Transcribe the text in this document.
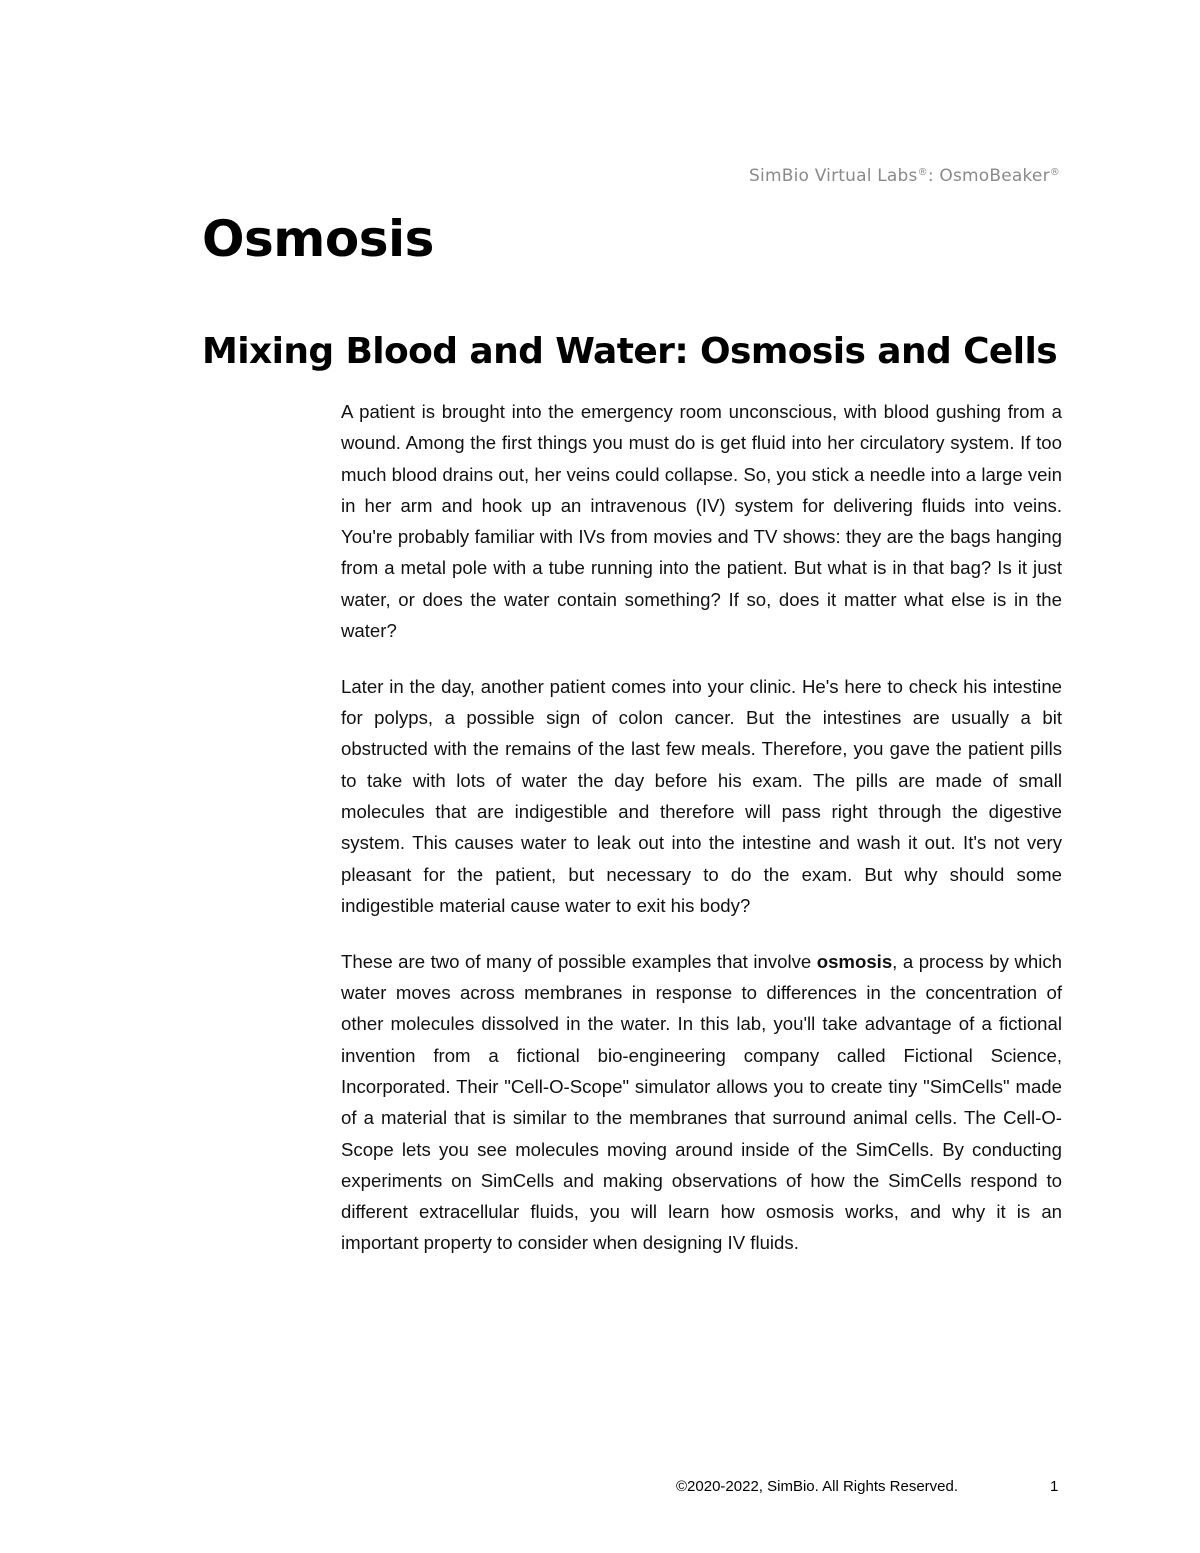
SimBio Virtual Labs®: OsmoBeaker®
Osmosis
Mixing Blood and Water: Osmosis and Cells

A patient is brought into the emergency room unconscious, with blood gushing from a wound. Among the first things you must do is get fluid into her circulatory system. If too much blood drains out, her veins could collapse. So, you stick a needle into a large vein in her arm and hook up an intravenous (IV) system for delivering fluids into veins. You're probably familiar with IVs from movies and TV shows: they are the bags hanging from a metal pole with a tube running into the patient. But what is in that bag? Is it just water, or does the water contain something? If so, does it matter what else is in the water?

Later in the day, another patient comes into your clinic. He's here to check his intestine for polyps, a possible sign of colon cancer. But the intestines are usually a bit obstructed with the remains of the last few meals. Therefore, you gave the patient pills to take with lots of water the day before his exam. The pills are made of small molecules that are indigestible and therefore will pass right through the digestive system. This causes water to leak out into the intestine and wash it out. It's not very pleasant for the patient, but necessary to do the exam. But why should some indigestible material cause water to exit his body?

These are two of many of possible examples that involve osmosis, a process by which water moves across membranes in response to differences in the concentration of other molecules dissolved in the water. In this lab, you'll take advantage of a fictional invention from a fictional bio-engineering company called Fictional Science, Incorporated. Their "Cell-O-Scope" simulator allows you to create tiny "SimCells" made of a material that is similar to the membranes that surround animal cells. The Cell-O-Scope lets you see molecules moving around inside of the SimCells. By conducting experiments on SimCells and making observations of how the SimCells respond to different extracellular fluids, you will learn how osmosis works, and why it is an important property to consider when designing IV fluids.

©2020-2022, SimBio. All Rights Reserved.	1
